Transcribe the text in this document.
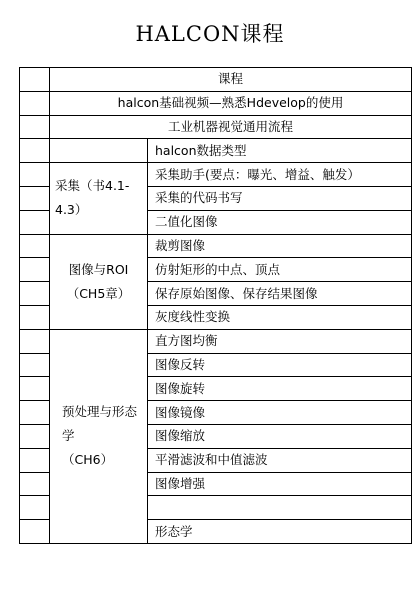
HALCON课程
	课程	
	halcon基础视频—熟悉Hdevelop的使用	
	工业机器视觉通用流程	
		halcon数据类型

	采集（书4.1-
4.3）	采集助手(要点：曝光、增益、触发）
		采集的代码书写
		二值化图像

	图像与ROI
（CH5章）	裁剪图像
		仿射矩形的中点、顶点
		保存原始图像、保存结果图像
		灰度线性变换

	预处理与形态
学
（CH6）	直方图均衡
		图像反转
		图像旋转
		图像镜像
		图像缩放
		平滑滤波和中值滤波
		图像增强

		形态学
